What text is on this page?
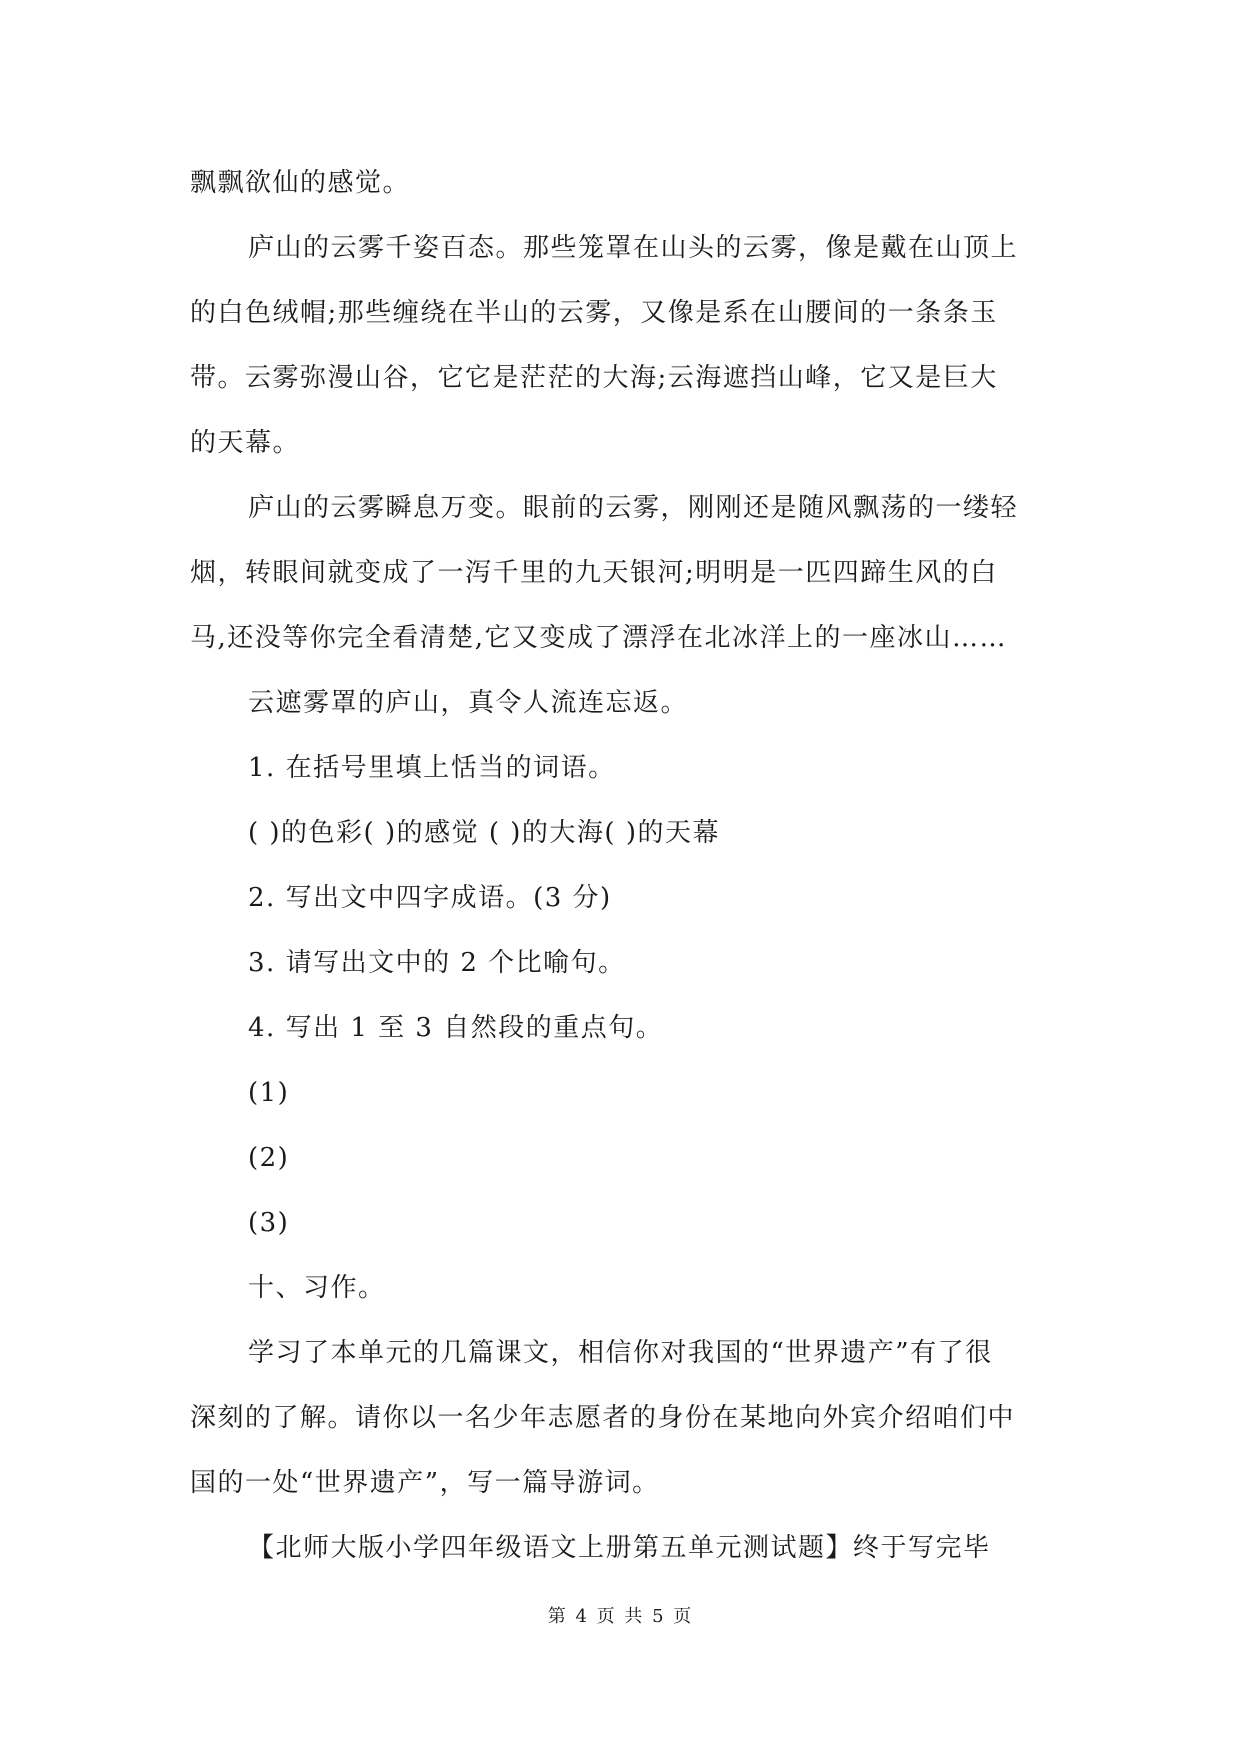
飘飘欲仙的感觉。
庐山的云雾千姿百态。那些笼罩在山头的云雾，像是戴在山顶上
的白色绒帽;那些缠绕在半山的云雾，又像是系在山腰间的一条条玉
带。云雾弥漫山谷，它它是茫茫的大海;云海遮挡山峰，它又是巨大
的天幕。
庐山的云雾瞬息万变。眼前的云雾，刚刚还是随风飘荡的一缕轻
烟，转眼间就变成了一泻千里的九天银河;明明是一匹四蹄生风的白
马,还没等你完全看清楚,它又变成了漂浮在北冰洋上的一座冰山……
云遮雾罩的庐山，真令人流连忘返。
1. 在括号里填上恬当的词语。
( )的色彩( )的感觉 ( )的大海( )的天幕
2. 写出文中四字成语。(3 分)
3. 请写出文中的 2 个比喻句。
4. 写出 1 至 3 自然段的重点句。
(1)
(2)
(3)
十、习作。
学习了本单元的几篇课文，相信你对我国的“世界遗产”有了很
深刻的了解。请你以一名少年志愿者的身份在某地向外宾介绍咱们中
国的一处“世界遗产”，写一篇导游词。
【北师大版小学四年级语文上册第五单元测试题】终于写完毕
第 4 页 共 5 页
